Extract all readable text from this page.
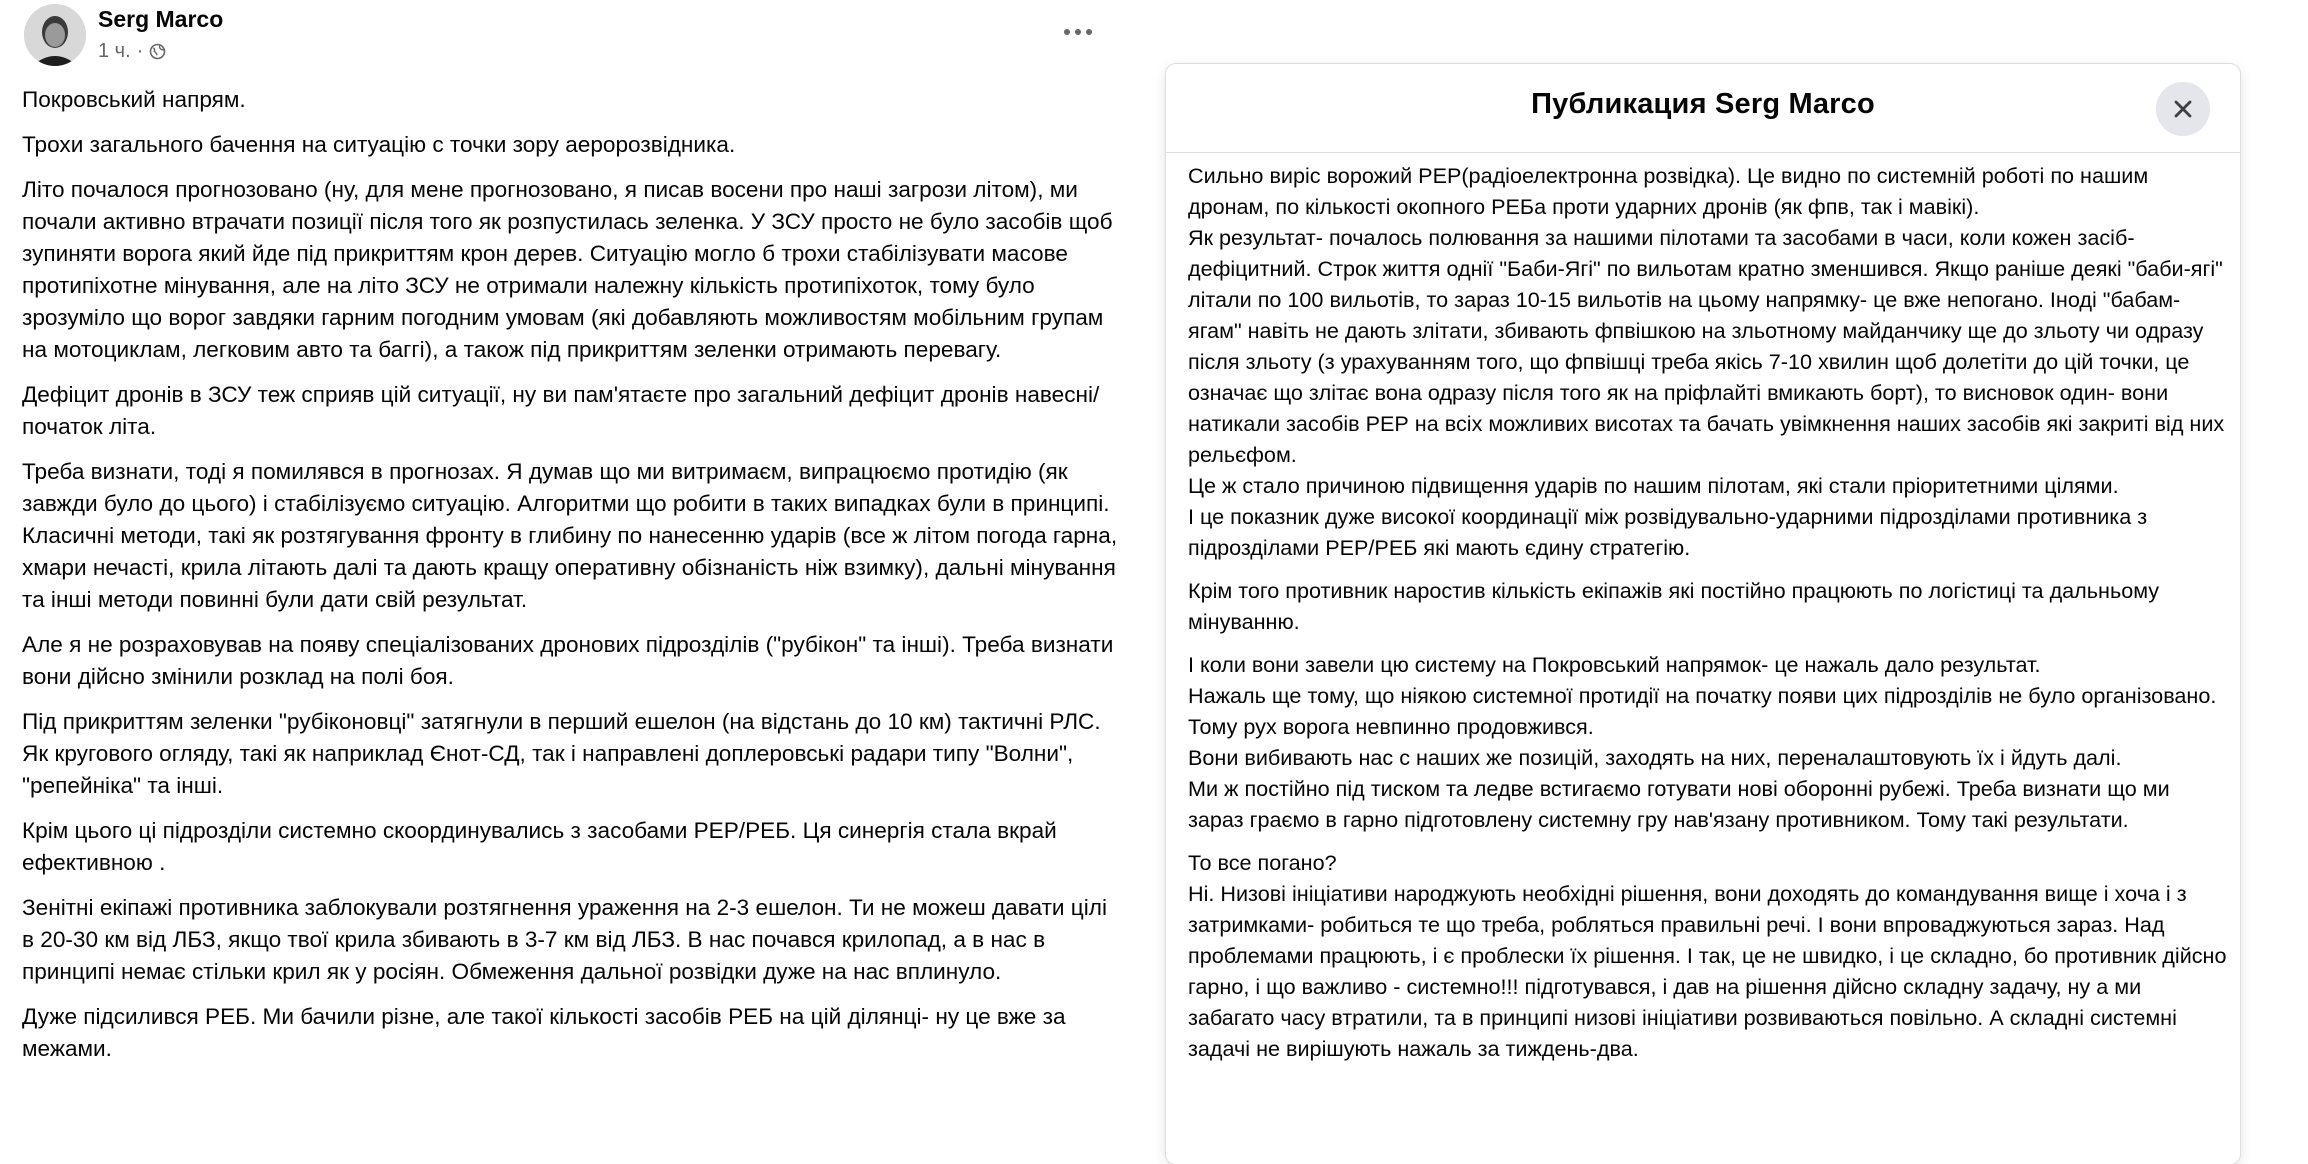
Serg Marco
1 ч. ·

Покровський напрям.

Трохи загального бачення на ситуацію с точки зору аеророзвідника.

Літо почалося прогнозовано (ну, для мене прогнозовано, я писав восени про наші загрози літом), ми почали активно втрачати позиції після того як розпустилась зеленка. У ЗСУ просто не було засобів щоб зупиняти ворога який йде під прикриттям крон дерев. Ситуацію могло б трохи стабілізувати масове протипіхотне мінування, але на літо ЗСУ не отримали належну кількість протипіхоток, тому було зрозуміло що ворог завдяки гарним погодним умовам (які добавляють можливостям мобільним групам на мотоциклам, легковим авто та баггі), а також під прикриттям зеленки отримають перевагу.

Дефіцит дронів в ЗСУ теж сприяв цій ситуації, ну ви пам'ятаєте про загальний дефіцит дронів навесні/початок літа.

Треба визнати, тоді я помилявся в прогнозах. Я думав що ми витримаєм, випрацюємо протидію (як завжди було до цього) і стабілізуємо ситуацію. Алгоритми що робити в таких випадках були в принципі. Класичні методи, такі як розтягування фронту в глибину по нанесенню ударів (все ж літом погода гарна, хмари нечасті, крила літають далі та дають кращу оперативну обізнаність ніж взимку), дальні мінування та інші методи повинні були дати свій результат.

Але я не розраховував на появу спеціалізованих дронових підрозділів ("рубікон" та інші). Треба визнати вони дійсно змінили розклад на полі боя.

Під прикриттям зеленки "рубіконовці" затягнули в перший ешелон (на відстань до 10 км) тактичні РЛС. Як кругового огляду, такі як наприклад Єнот-СД, так і направлені доплеровські радари типу "Волни", "репейніка" та інші.

Крім цього ці підрозділи системно скоординувались з засобами РЕР/РЕБ. Ця синергія стала вкрай ефективною .

Зенітні екіпажі противника заблокували розтягнення ураження на 2-3 ешелон. Ти не можеш давати цілі в 20-30 км від ЛБЗ, якщо твої крила збивають в 3-7 км від ЛБЗ. В нас почався крилопад, а в нас в принципі немає стільки крил як у росіян. Обмеження дальної розвідки дуже на нас вплинуло.

Дуже підсилився РЕБ. Ми бачили різне, але такої кількості засобів РЕБ на цій ділянці- ну це вже за межами.

Публикация Serg Marco

Сильно виріс ворожий РЕР(радіоелектронна розвідка). Це видно по системній роботі по нашим дронам, по кількості окопного РЕБа проти ударних дронів (як фпв, так і мавікі).
Як результат- почалось полювання за нашими пілотами та засобами в часи, коли кожен засіб-дефіцитний. Строк життя однії "Баби-Ягі" по вильотам кратно зменшився. Якщо раніше деякі "баби-ягі" літали по 100 вильотів, то зараз 10-15 вильотів на цьому напрямку- це вже непогано. Іноді "бабам-ягам" навіть не дають злітати, збивають фпвішкою на зльотному майданчику ще до зльоту чи одразу після зльоту (з урахуванням того, що фпвішці треба якісь 7-10 хвилин щоб долетіти до цій точки, це означає що злітає вона одразу після того як на пріфлайті вмикають борт), то висновок один- вони натикали засобів РЕР на всіх можливих висотах та бачать увімкнення наших засобів які закриті від них рельєфом.
Це ж стало причиною підвищення ударів по нашим пілотам, які стали пріоритетними цілями.
І це показник дуже високої координації між розвідувально-ударними підрозділами противника з підрозділами РЕР/РЕБ які мають єдину стратегію.

Крім того противник наростив кількість екіпажів які постійно працюють по логістиці та дальньому мінуванню.

І коли вони завели цю систему на Покровський напрямок- це нажаль дало результат.
Нажаль ще тому, що ніякою системної протидії на початку появи цих підрозділів не було організовано.
Тому рух ворога невпинно продовжився.
Вони вибивають нас с наших же позицій, заходять на них, переналаштовують їх і йдуть далі.
Ми ж постійно під тиском та ледве встигаємо готувати нові оборонні рубежі. Треба визнати що ми зараз граємо в гарно підготовлену системну гру нав'язану противником. Тому такі результати.

То все погано?
Ні. Низові ініціативи народжують необхідні рішення, вони доходять до командування вище і хоча і з затримками- робиться те що треба, робляться правильні речі. І вони впроваджуються зараз. Над проблемами працюють, і є проблески їх рішення. І так, це не швидко, і це складно, бо противник дійсно гарно, і що важливо - системно!!! підготувався, і дав на рішення дійсно складну задачу, ну а ми забагато часу втратили, та в принципі низові ініціативи розвиваються повільно. А складні системні задачі не вирішують нажаль за тиждень-два.
